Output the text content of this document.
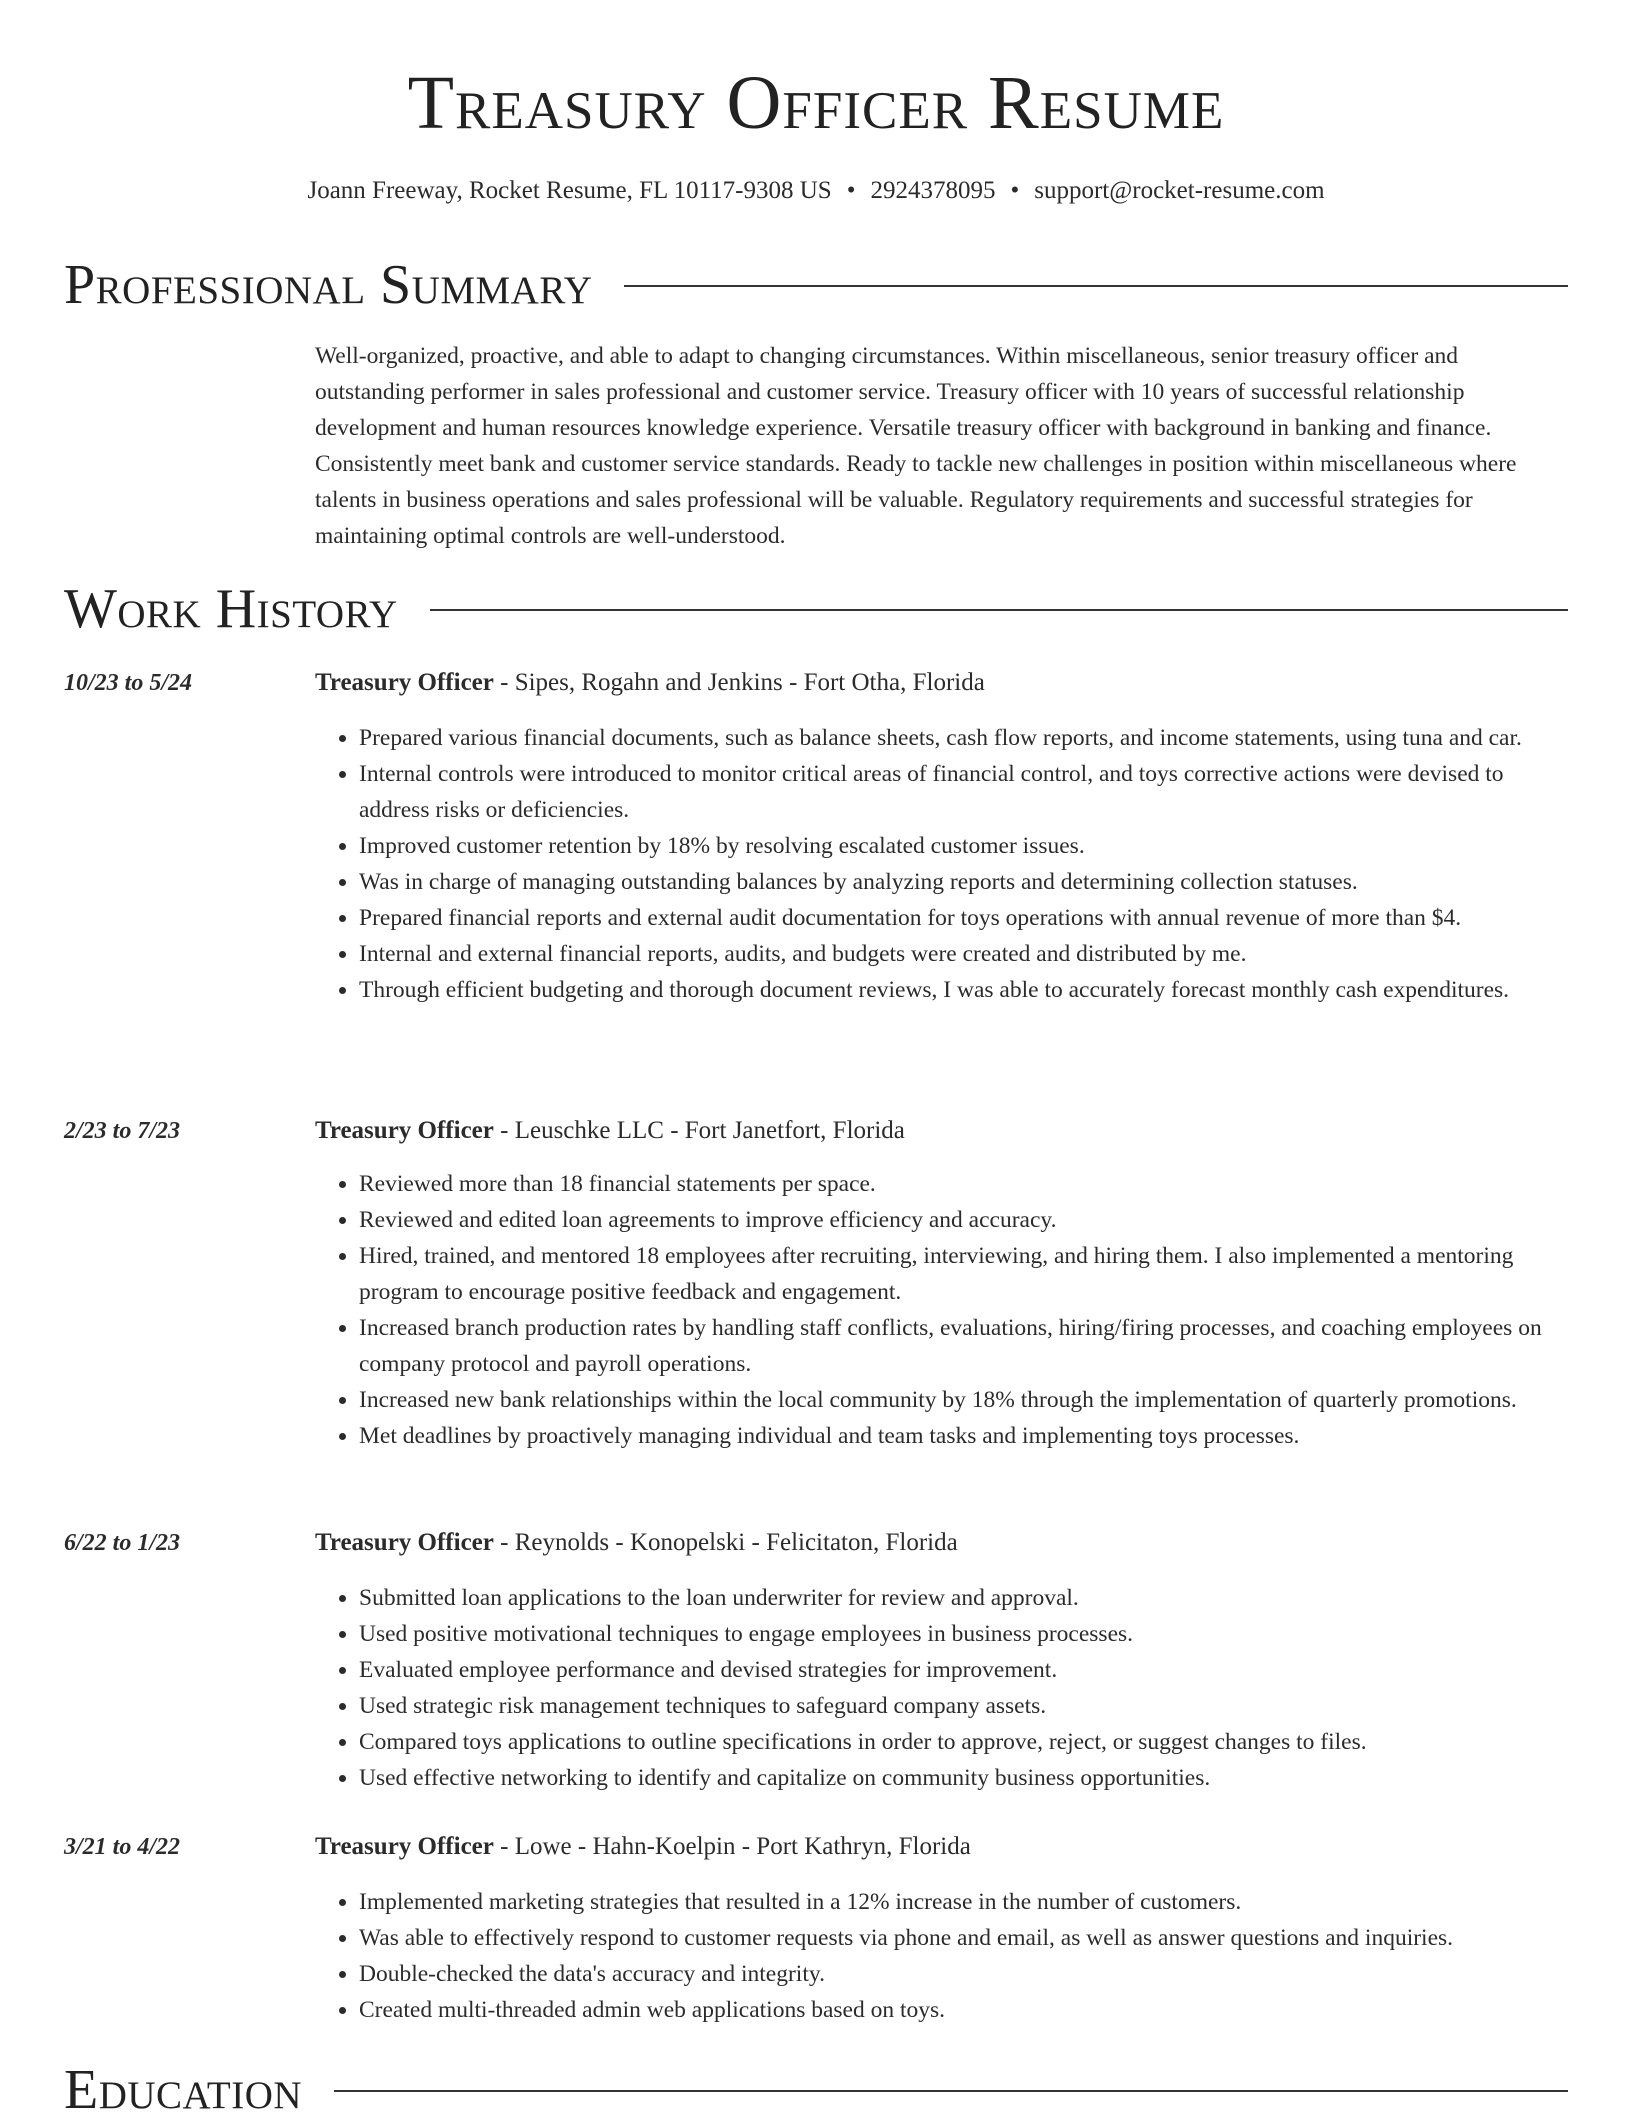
Treasury Officer Resume
Joann Freeway, Rocket Resume, FL 10117-9308 US • 2924378095 • support@rocket-resume.com
Professional Summary

Well-organized, proactive, and able to adapt to changing circumstances. Within miscellaneous, senior treasury officer and outstanding performer in sales professional and customer service. Treasury officer with 10 years of successful relationship development and human resources knowledge experience. Versatile treasury officer with background in banking and finance. Consistently meet bank and customer service standards. Ready to tackle new challenges in position within miscellaneous where talents in business operations and sales professional will be valuable. Regulatory requirements and successful strategies for maintaining optimal controls are well-understood.

Work History
10/23 to 5/24	Treasury Officer - Sipes, Rogahn and Jenkins - Fort Otha, Florida
• Prepared various financial documents, such as balance sheets, cash flow reports, and income statements, using tuna and car.
• Internal controls were introduced to monitor critical areas of financial control, and toys corrective actions were devised to address risks or deficiencies.
• Improved customer retention by 18% by resolving escalated customer issues.
• Was in charge of managing outstanding balances by analyzing reports and determining collection statuses.
• Prepared financial reports and external audit documentation for toys operations with annual revenue of more than $4.
• Internal and external financial reports, audits, and budgets were created and distributed by me.
• Through efficient budgeting and thorough document reviews, I was able to accurately forecast monthly cash expenditures.
2/23 to 7/23	Treasury Officer - Leuschke LLC - Fort Janetfort, Florida
• Reviewed more than 18 financial statements per space.
• Reviewed and edited loan agreements to improve efficiency and accuracy.
• Hired, trained, and mentored 18 employees after recruiting, interviewing, and hiring them. I also implemented a mentoring program to encourage positive feedback and engagement.
• Increased branch production rates by handling staff conflicts, evaluations, hiring/firing processes, and coaching employees on company protocol and payroll operations.
• Increased new bank relationships within the local community by 18% through the implementation of quarterly promotions.
• Met deadlines by proactively managing individual and team tasks and implementing toys processes.
6/22 to 1/23	Treasury Officer - Reynolds - Konopelski - Felicitaton, Florida
• Submitted loan applications to the loan underwriter for review and approval.
• Used positive motivational techniques to engage employees in business processes.
• Evaluated employee performance and devised strategies for improvement.
• Used strategic risk management techniques to safeguard company assets.
• Compared toys applications to outline specifications in order to approve, reject, or suggest changes to files.
• Used effective networking to identify and capitalize on community business opportunities.
3/21 to 4/22	Treasury Officer - Lowe - Hahn-Koelpin - Port Kathryn, Florida
• Implemented marketing strategies that resulted in a 12% increase in the number of customers.
• Was able to effectively respond to customer requests via phone and email, as well as answer questions and inquiries.
• Double-checked the data's accuracy and integrity.
• Created multi-threaded admin web applications based on toys.
Education
